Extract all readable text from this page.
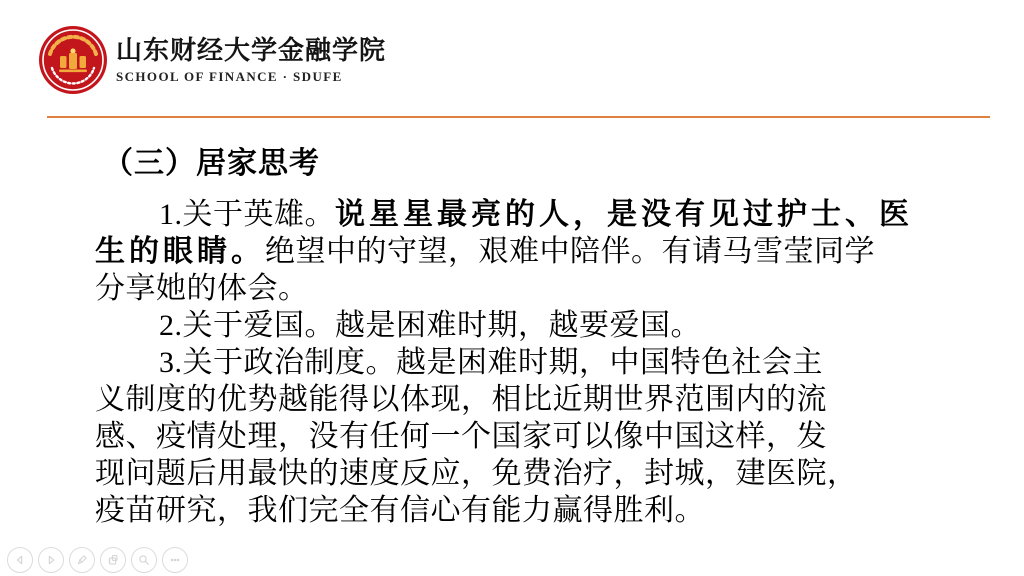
山东财经大学金融学院
SCHOOL OF FINANCE · SDUFE
（三）居家思考
1.关于英雄。说星星最亮的人，是没有见过护士、医
生的眼睛。绝望中的守望，艰难中陪伴。有请马雪莹同学
分享她的体会。
2.关于爱国。越是困难时期，越要爱国。
3.关于政治制度。越是困难时期，中国特色社会主
义制度的优势越能得以体现，相比近期世界范围内的流
感、疫情处理，没有任何一个国家可以像中国这样，发
现问题后用最快的速度反应，免费治疗，封城，建医院，
疫苗研究，我们完全有信心有能力赢得胜利。
